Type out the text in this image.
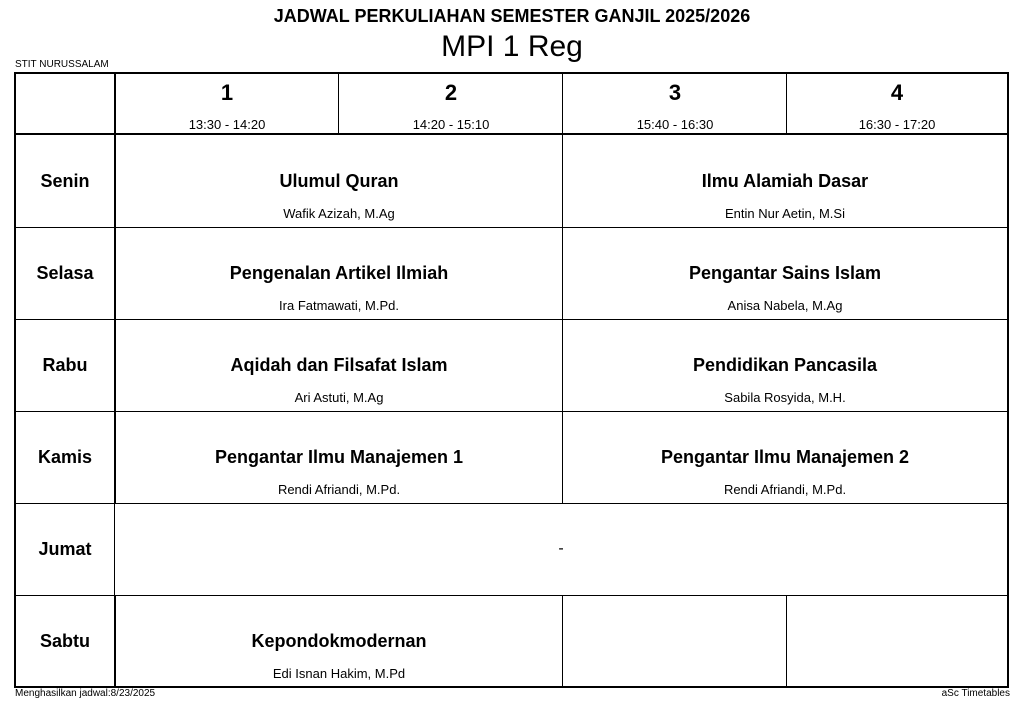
JADWAL PERKULIAHAN SEMESTER GANJIL 2025/2026
MPI 1 Reg
STIT NURUSSALAM
1
13:30 - 14:20
2
14:20 - 15:10
3
15:40 - 16:30
4
16:30 - 17:20
Senin
Selasa
Rabu
Kamis
Jumat
Sabtu
Ulumul Quran
Wafik Azizah, M.Ag
Ilmu Alamiah Dasar
Entin Nur Aetin, M.Si
Pengenalan Artikel Ilmiah
Ira Fatmawati, M.Pd.
Pengantar Sains Islam
Anisa Nabela, M.Ag
Aqidah dan Filsafat Islam
Ari Astuti, M.Ag
Pendidikan Pancasila
Sabila Rosyida, M.H.
Pengantar Ilmu Manajemen 1
Rendi Afriandi, M.Pd.
Pengantar Ilmu Manajemen 2
Rendi Afriandi, M.Pd.
-
Kepondokmodernan
Edi Isnan Hakim, M.Pd
Menghasilkan jadwal:8/23/2025	aSc Timetables
